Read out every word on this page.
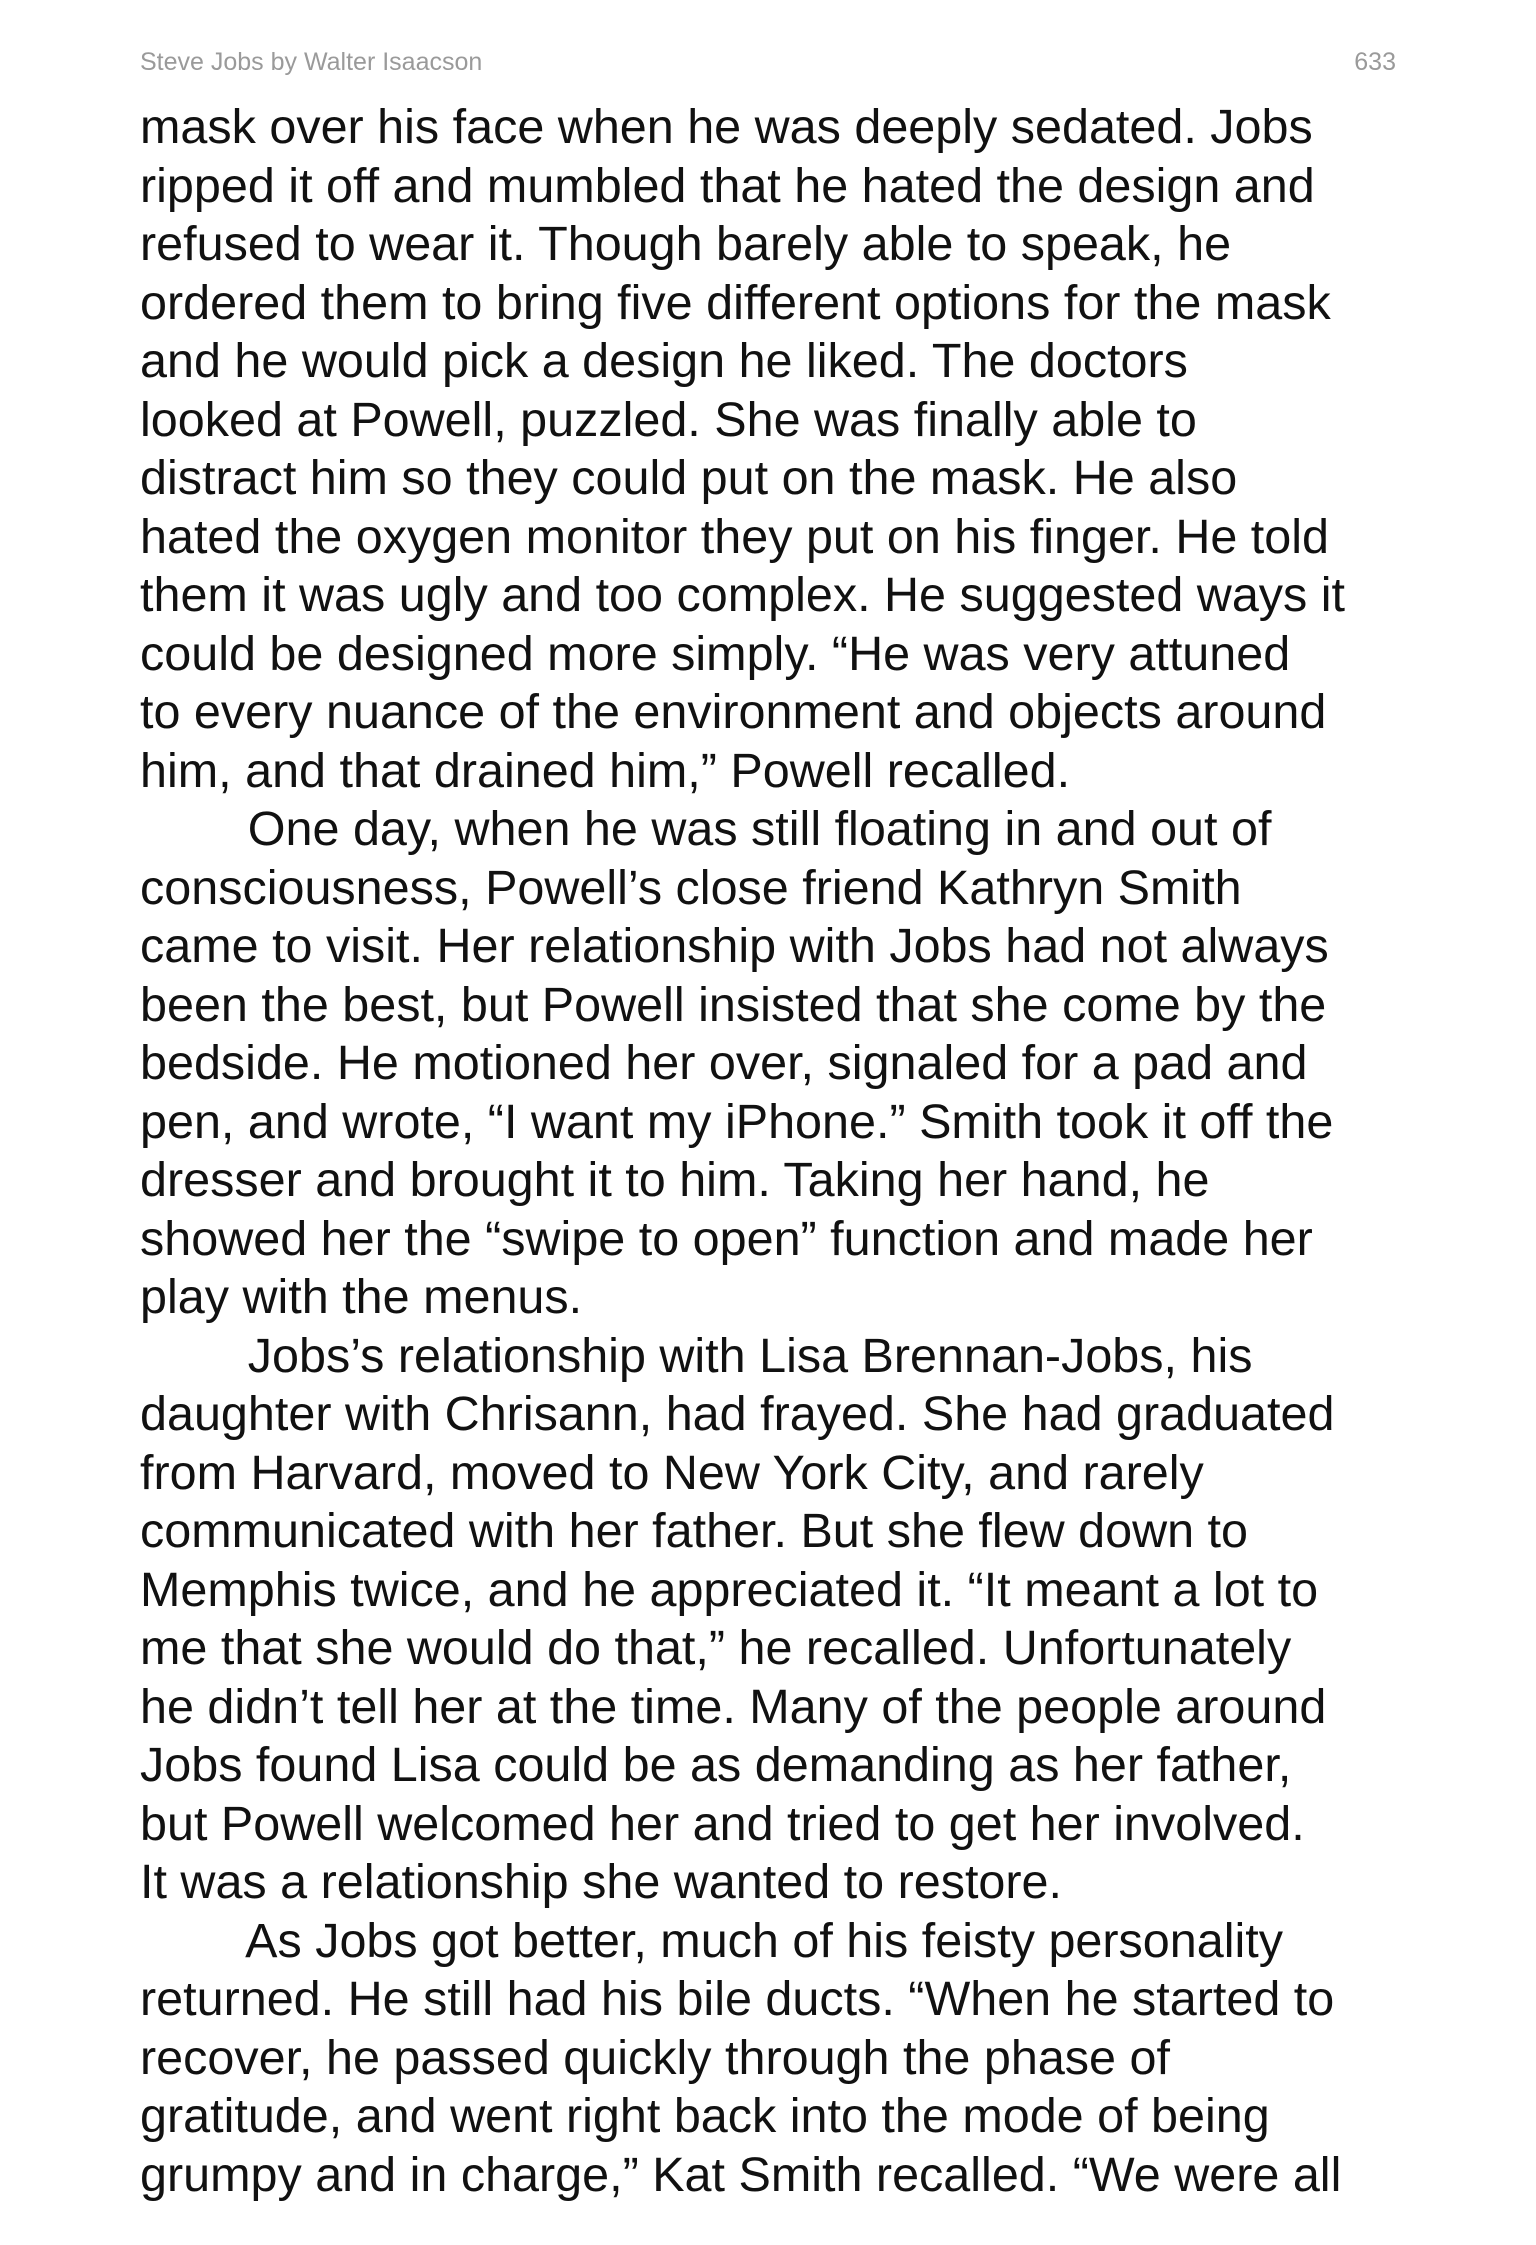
Steve Jobs by Walter Isaacson	633
mask over his face when he was deeply sedated. Jobs
ripped it off and mumbled that he hated the design and
refused to wear it. Though barely able to speak, he
ordered them to bring five different options for the mask
and he would pick a design he liked. The doctors
looked at Powell, puzzled. She was finally able to
distract him so they could put on the mask. He also
hated the oxygen monitor they put on his finger. He told
them it was ugly and too complex. He suggested ways it
could be designed more simply. “He was very attuned
to every nuance of the environment and objects around
him, and that drained him,” Powell recalled.
One day, when he was still floating in and out of
consciousness, Powell’s close friend Kathryn Smith
came to visit. Her relationship with Jobs had not always
been the best, but Powell insisted that she come by the
bedside. He motioned her over, signaled for a pad and
pen, and wrote, “I want my iPhone.” Smith took it off the
dresser and brought it to him. Taking her hand, he
showed her the “swipe to open” function and made her
play with the menus.
Jobs’s relationship with Lisa Brennan-Jobs, his
daughter with Chrisann, had frayed. She had graduated
from Harvard, moved to New York City, and rarely
communicated with her father. But she flew down to
Memphis twice, and he appreciated it. “It meant a lot to
me that she would do that,” he recalled. Unfortunately
he didn’t tell her at the time. Many of the people around
Jobs found Lisa could be as demanding as her father,
but Powell welcomed her and tried to get her involved.
It was a relationship she wanted to restore.
As Jobs got better, much of his feisty personality
returned. He still had his bile ducts. “When he started to
recover, he passed quickly through the phase of
gratitude, and went right back into the mode of being
grumpy and in charge,” Kat Smith recalled. “We were all
